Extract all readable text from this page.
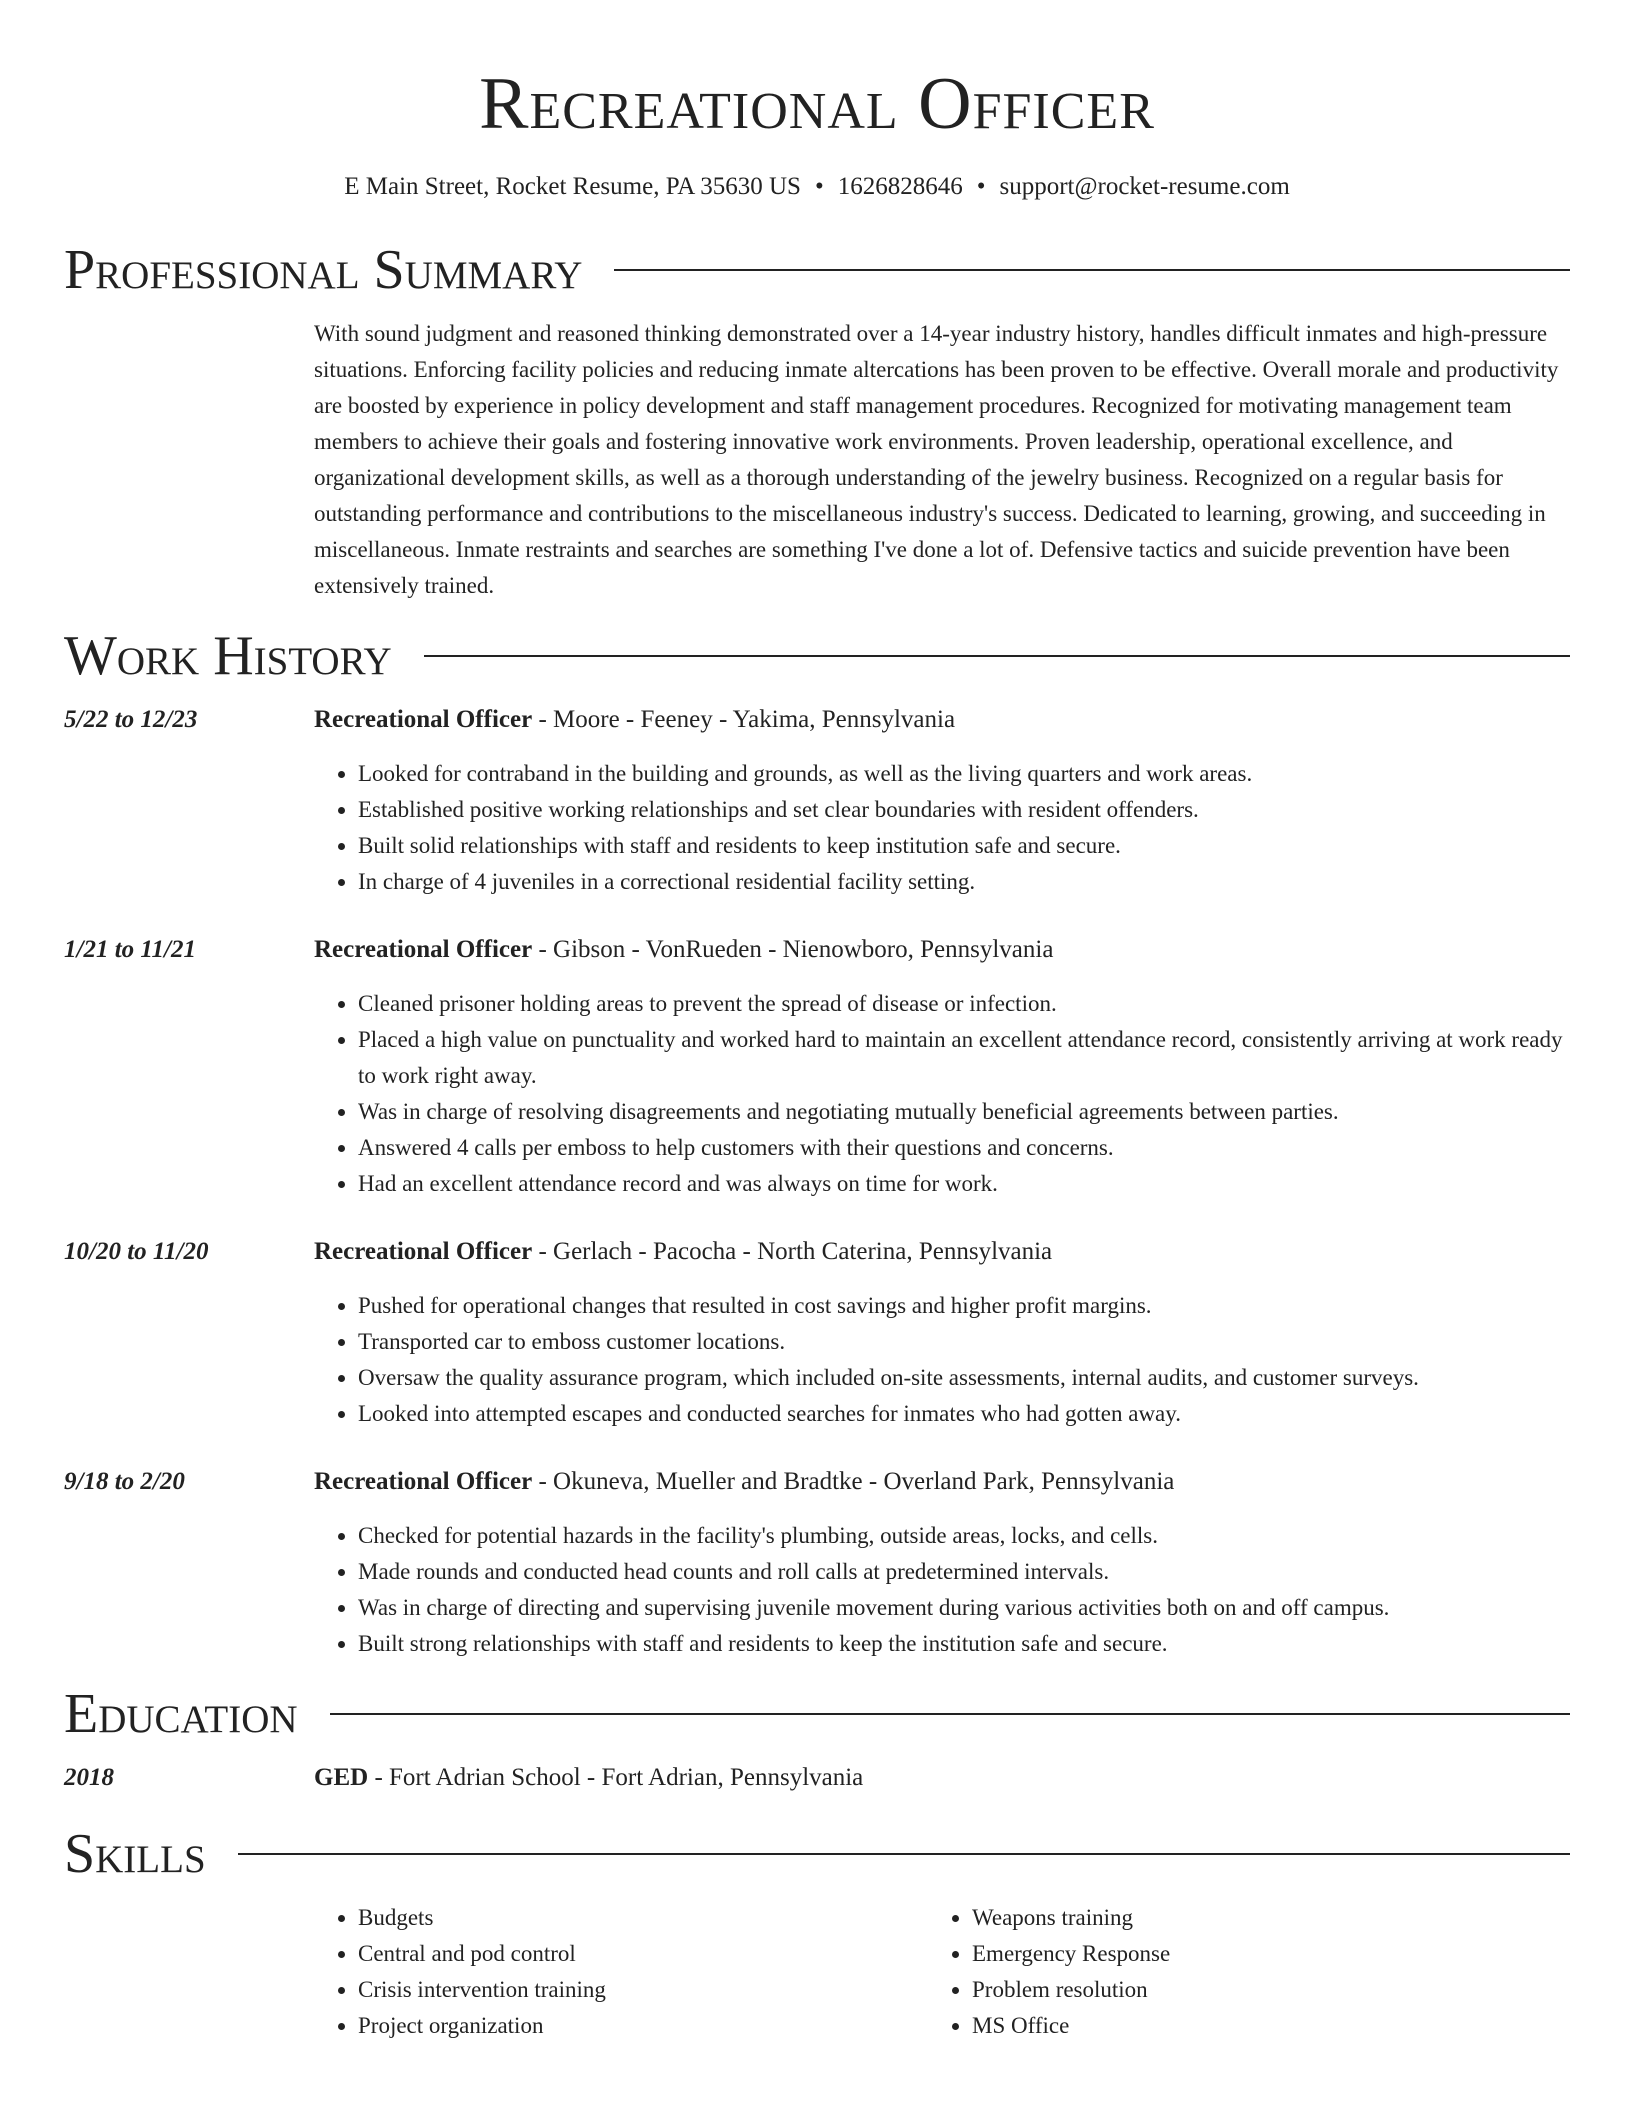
Recreational Officer
E Main Street, Rocket Resume, PA 35630 US • 1626828646 • support@rocket-resume.com
Professional Summary
With sound judgment and reasoned thinking demonstrated over a 14-year industry history, handles difficult inmates and high-pressure situations. Enforcing facility policies and reducing inmate altercations has been proven to be effective. Overall morale and productivity are boosted by experience in policy development and staff management procedures. Recognized for motivating management team members to achieve their goals and fostering innovative work environments. Proven leadership, operational excellence, and organizational development skills, as well as a thorough understanding of the jewelry business. Recognized on a regular basis for outstanding performance and contributions to the miscellaneous industry's success. Dedicated to learning, growing, and succeeding in miscellaneous. Inmate restraints and searches are something I've done a lot of. Defensive tactics and suicide prevention have been extensively trained.
Work History
5/22 to 12/23	Recreational Officer - Moore - Feeney - Yakima, Pennsylvania
• Looked for contraband in the building and grounds, as well as the living quarters and work areas.
• Established positive working relationships and set clear boundaries with resident offenders.
• Built solid relationships with staff and residents to keep institution safe and secure.
• In charge of 4 juveniles in a correctional residential facility setting.
1/21 to 11/21	Recreational Officer - Gibson - VonRueden - Nienowboro, Pennsylvania
• Cleaned prisoner holding areas to prevent the spread of disease or infection.
• Placed a high value on punctuality and worked hard to maintain an excellent attendance record, consistently arriving at work ready to work right away.
• Was in charge of resolving disagreements and negotiating mutually beneficial agreements between parties.
• Answered 4 calls per emboss to help customers with their questions and concerns.
• Had an excellent attendance record and was always on time for work.
10/20 to 11/20	Recreational Officer - Gerlach - Pacocha - North Caterina, Pennsylvania
• Pushed for operational changes that resulted in cost savings and higher profit margins.
• Transported car to emboss customer locations.
• Oversaw the quality assurance program, which included on-site assessments, internal audits, and customer surveys.
• Looked into attempted escapes and conducted searches for inmates who had gotten away.
9/18 to 2/20	Recreational Officer - Okuneva, Mueller and Bradtke - Overland Park, Pennsylvania
• Checked for potential hazards in the facility's plumbing, outside areas, locks, and cells.
• Made rounds and conducted head counts and roll calls at predetermined intervals.
• Was in charge of directing and supervising juvenile movement during various activities both on and off campus.
• Built strong relationships with staff and residents to keep the institution safe and secure.
Education
2018	GED - Fort Adrian School - Fort Adrian, Pennsylvania
Skills
• Budgets
• Central and pod control
• Crisis intervention training
• Project organization
• Weapons training
• Emergency Response
• Problem resolution
• MS Office
